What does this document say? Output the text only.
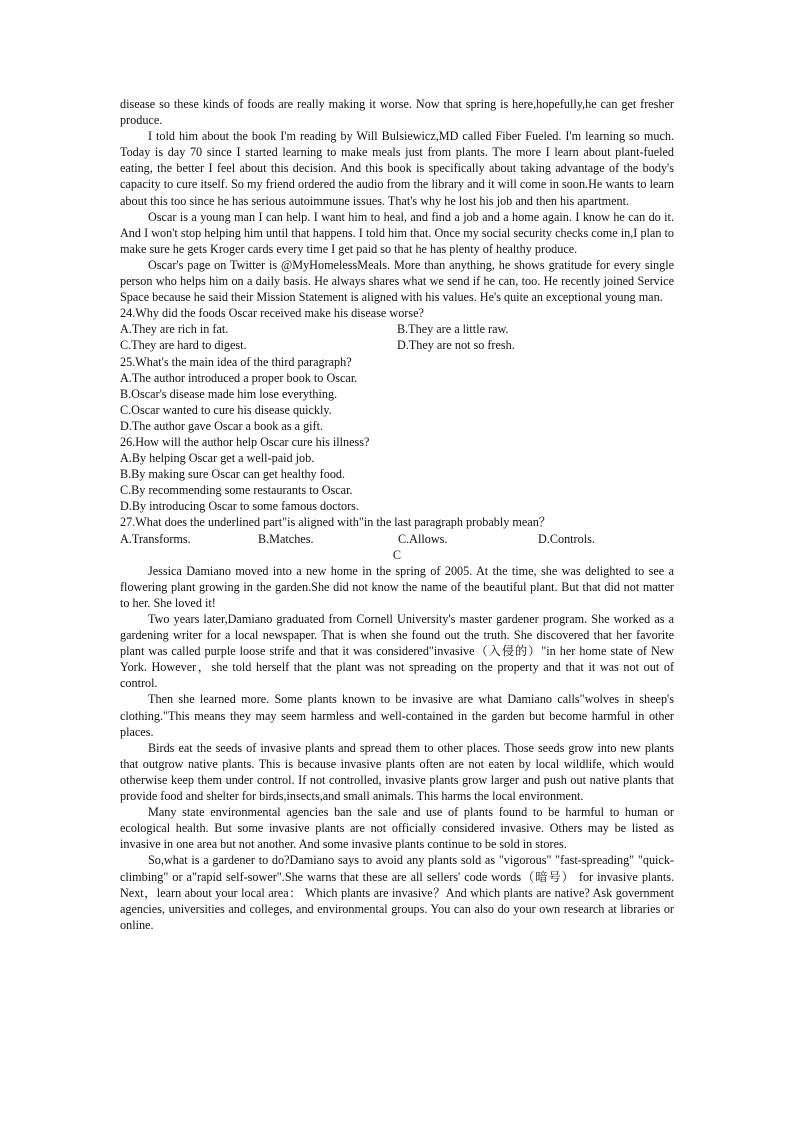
disease so these kinds of foods are really making it worse. Now that spring is here,hopefully,he can get fresher produce.

I told him about the book I'm reading by Will Bulsiewicz,MD called Fiber Fueled. I'm learning so much. Today is day 70 since I started learning to make meals just from plants. The more I learn about plant-fueled eating, the better I feel about this decision. And this book is specifically about taking advantage of the body's capacity to cure itself. So my friend ordered the audio from the library and it will come in soon.He wants to learn about this too since he has serious autoimmune issues. That's why he lost his job and then his apartment.

Oscar is a young man I can help. I want him to heal, and find a job and a home again. I know he can do it. And I won't stop helping him until that happens. I told him that. Once my social security checks come in,I plan to make sure he gets Kroger cards every time I get paid so that he has plenty of healthy produce.

Oscar's page on Twitter is @MyHomelessMeals. More than anything, he shows gratitude for every single person who helps him on a daily basis. He always shares what we send if he can, too. He recently joined Service Space because he said their Mission Statement is aligned with his values. He's quite an exceptional young man.

24.Why did the foods Oscar received make his disease worse?

A.They are rich in fat.	B.They are a little raw.
C.They are hard to digest.	D.They are not so fresh.

25.What's the main idea of the third paragraph?

A.The author introduced a proper book to Oscar.

B.Oscar's disease made him lose everything.

C.Oscar wanted to cure his disease quickly.

D.The author gave Oscar a book as a gift.

26.How will the author help Oscar cure his illness?

A.By helping Oscar get a well-paid job.

B.By making sure Oscar can get healthy food.

C.By recommending some restaurants to Oscar.

D.By introducing Oscar to some famous doctors.

27.What does the underlined part"is aligned with"in the last paragraph probably mean？

A.Transforms.	B.Matches.	C.Allows.	D.Controls.

C

Jessica Damiano moved into a new home in the spring of 2005. At the time, she was delighted to see a flowering plant growing in the garden.She did not know the name of the beautiful plant. But that did not matter to her. She loved it!

Two years later,Damiano graduated from Cornell University's master gardener program. She worked as a gardening writer for a local newspaper. That is when she found out the truth. She discovered that her favorite plant was called purple loose strife and that it was considered"invasive（入侵的）"in her home state of New York. However，she told herself that the plant was not spreading on the property and that it was not out of control.

Then she learned more. Some plants known to be invasive are what Damiano calls"wolves in sheep's clothing."This means they may seem harmless and well-contained in the garden but become harmful in other places.

Birds eat the seeds of invasive plants and spread them to other places. Those seeds grow into new plants that outgrow native plants. This is because invasive plants often are not eaten by local wildlife, which would otherwise keep them under control. If not controlled, invasive plants grow larger and push out native plants that provide food and shelter for birds,insects,and small animals. This harms the local environment.

Many state environmental agencies ban the sale and use of plants found to be harmful to human or ecological health. But some invasive plants are not officially considered invasive. Others may be listed as invasive in one area but not another. And some invasive plants continue to be sold in stores.

So,what is a gardener to do?Damiano says to avoid any plants sold as "vigorous" "fast-spreading" "quick-climbing" or a"rapid self-sower".She warns that these are all sellers' code words（暗号） for invasive plants. Next，learn about your local area： Which plants are invasive？And which plants are native? Ask government agencies, universities and colleges, and environmental groups. You can also do your own research at libraries or online.
